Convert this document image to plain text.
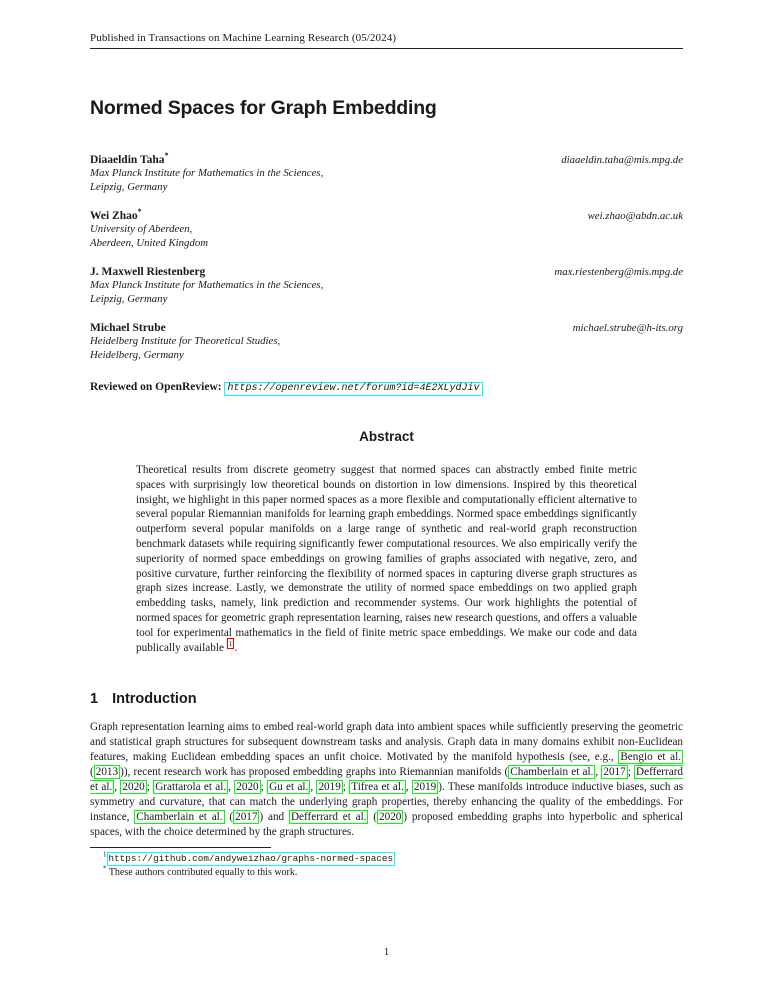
Published in Transactions on Machine Learning Research (05/2024)
Normed Spaces for Graph Embedding
Diaaeldin Taha*
Max Planck Institute for Mathematics in the Sciences,
Leipzig, Germany
diaaeldin.taha@mis.mpg.de
Wei Zhao*
University of Aberdeen,
Aberdeen, United Kingdom
wei.zhao@abdn.ac.uk
J. Maxwell Riestenberg
Max Planck Institute for Mathematics in the Sciences,
Leipzig, Germany
max.riestenberg@mis.mpg.de
Michael Strube
Heidelberg Institute for Theoretical Studies,
Heidelberg, Germany
michael.strube@h-its.org
Reviewed on OpenReview: https://openreview.net/forum?id=4E2XLydJiv
Abstract

Theoretical results from discrete geometry suggest that normed spaces can abstractly embed finite metric spaces with surprisingly low theoretical bounds on distortion in low dimensions. Inspired by this theoretical insight, we highlight in this paper normed spaces as a more flexible and computationally efficient alternative to several popular Riemannian manifolds for learning graph embeddings. Normed space embeddings significantly outperform several popular manifolds on a large range of synthetic and real-world graph reconstruction benchmark datasets while requiring significantly fewer computational resources. We also empirically verify the superiority of normed space embeddings on growing families of graphs associated with negative, zero, and positive curvature, further reinforcing the flexibility of normed spaces in capturing diverse graph structures as graph sizes increase. Lastly, we demonstrate the utility of normed space embeddings on two applied graph embedding tasks, namely, link prediction and recommender systems. Our work highlights the potential of normed spaces for geometric graph representation learning, raises new research questions, and offers a valuable tool for experimental mathematics in the field of finite metric space embeddings. We make our code and data publically available $^1$ .

1 Introduction

Graph representation learning aims to embed real-world graph data into ambient spaces while sufficiently preserving the geometric and statistical graph structures for subsequent downstream tasks and analysis. Graph data in many domains exhibit non-Euclidean features, making Euclidean embedding spaces an unfit choice. Motivated by the manifold hypothesis (see, e.g., Bengio et al. ( 2013 )), recent research work has proposed embedding graphs into Riemannian manifolds ( Chamberlain et al. , 2017 ; Defferrard et al. , 2020 ; Grattarola et al. , 2020 ; Gu et al. , 2019 ; Tifrea et al. , 2019 ). These manifolds introduce inductive biases, such as symmetry and curvature, that can match the underlying graph properties, thereby enhancing the quality of the embeddings. For instance, Chamberlain et al. ( 2017 ) and Defferrard et al. ( 2020 ) proposed embedding graphs into hyperbolic and spherical spaces, with the choice determined by the graph structures.

$^1$ https://github.com/andyweizhao/graphs-normed-spaces
* These authors contributed equally to this work.
1
